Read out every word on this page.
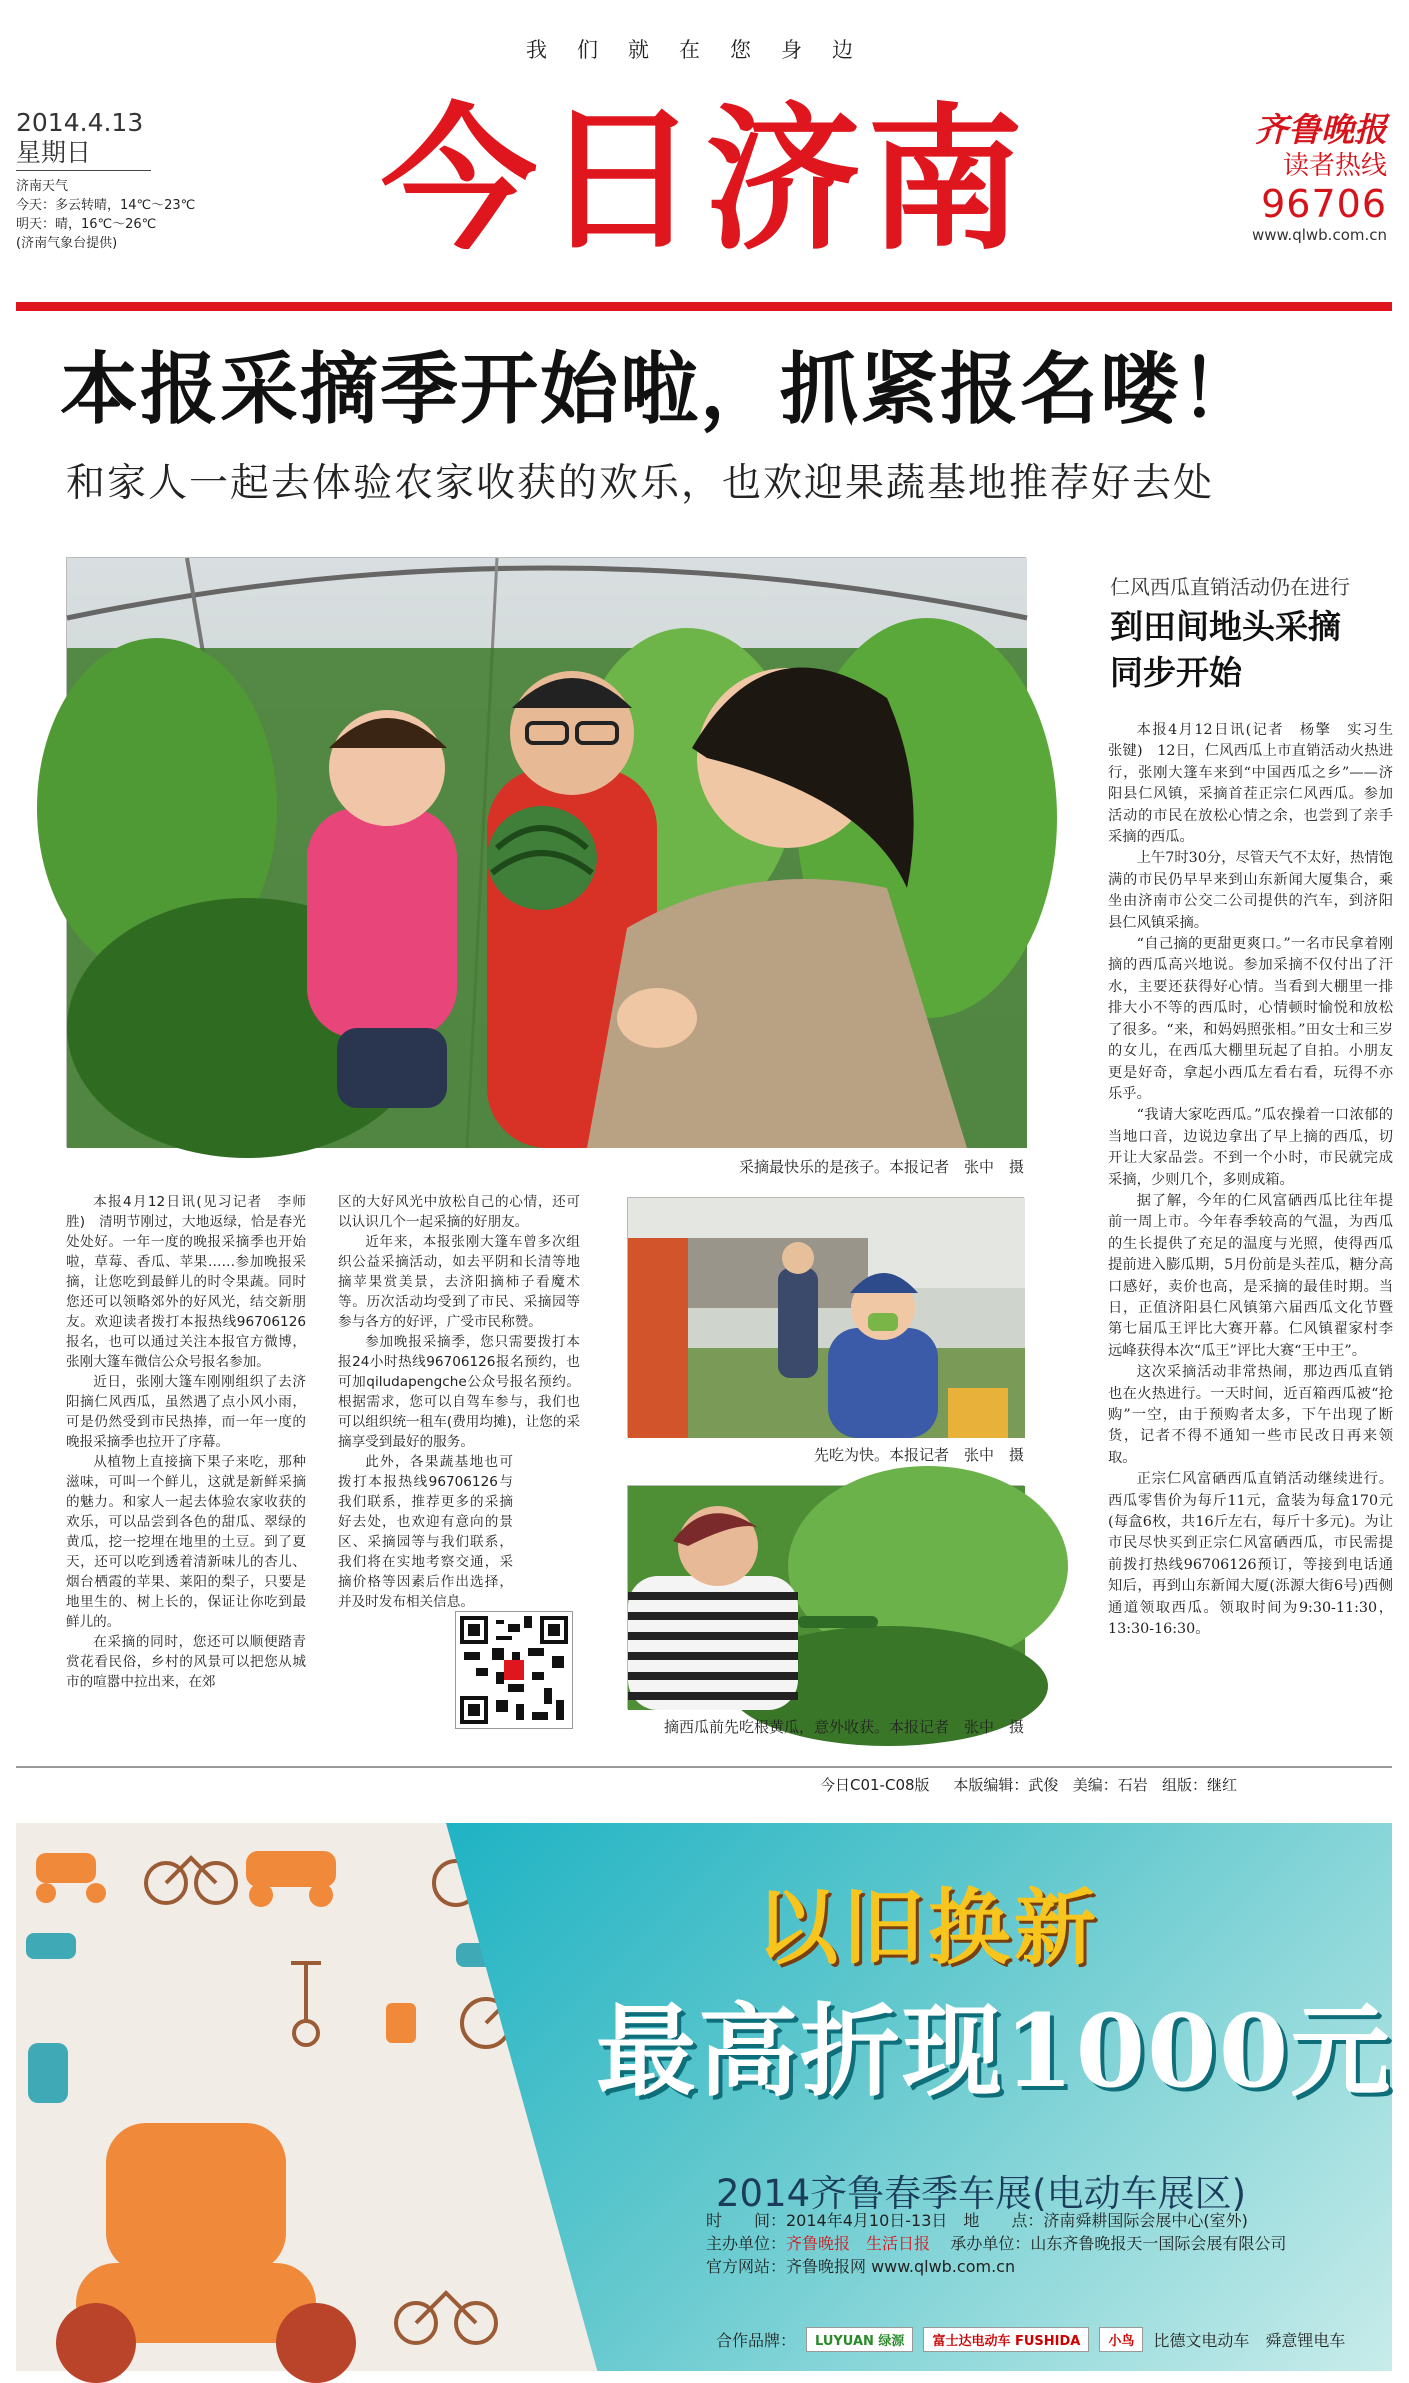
我们就在您身边
2014.4.13
星期日
济南天气
今天：多云转晴，14℃～23℃
明天：晴，16℃～26℃
(济南气象台提供)	今日济南	齐鲁晚报
读者热线
96706
www.qlwb.com.cn
本报采摘季开始啦，抓紧报名喽！
和家人一起去体验农家收获的欢乐，也欢迎果蔬基地推荐好去处
采摘最快乐的是孩子。本报记者　张中　摄

本报4月12日讯(见习记者　李师胜)　清明节刚过，大地返绿，恰是春光处处好。一年一度的晚报采摘季也开始啦，草莓、香瓜、苹果……参加晚报采摘，让您吃到最鲜儿的时令果蔬。同时您还可以领略郊外的好风光，结交新朋友。欢迎读者拨打本报热线96706126报名，也可以通过关注本报官方微博，张刚大篷车微信公众号报名参加。

近日，张刚大篷车刚刚组织了去济阳摘仁风西瓜，虽然遇了点小风小雨，可是仍然受到市民热捧，而一年一度的晚报采摘季也拉开了序幕。

从植物上直接摘下果子来吃，那种滋味，可叫一个鲜儿，这就是新鲜采摘的魅力。和家人一起去体验农家收获的欢乐，可以品尝到各色的甜瓜、翠绿的黄瓜，挖一挖埋在地里的土豆。到了夏天，还可以吃到透着清新味儿的杏儿、烟台栖霞的苹果、莱阳的梨子，只要是地里生的、树上长的，保证让你吃到最鲜儿的。

在采摘的同时，您还可以顺便踏青赏花看民俗，乡村的风景可以把您从城市的喧嚣中拉出来，在郊

区的大好风光中放松自己的心情，还可以认识几个一起采摘的好朋友。

近年来，本报张刚大篷车曾多次组织公益采摘活动，如去平阴和长清等地摘苹果赏美景，去济阳摘柿子看魔术等。历次活动均受到了市民、采摘园等参与各方的好评，广受市民称赞。

参加晚报采摘季，您只需要拨打本报24小时热线96706126报名预约，也可加qiludapengche公众号报名预约。根据需求，您可以自驾车参与，我们也可以组织统一租车(费用均摊)，让您的采摘享受到最好的服务。

此外，各果蔬基地也可拨打本报热线96706126与我们联系，推荐更多的采摘好去处，也欢迎有意向的景区、采摘园等与我们联系，我们将在实地考察交通，采摘价格等因素后作出选择，并及时发布相关信息。

先吃为快。本报记者　张中　摄
摘西瓜前先吃根黄瓜，意外收获。本报记者　张中　摄
仁风西瓜直销活动仍在进行
到田间地头采摘
同步开始

本报4月12日讯(记者　杨擎　实习生　张键)　12日，仁风西瓜上市直销活动火热进行，张刚大篷车来到“中国西瓜之乡”——济阳县仁风镇，采摘首茬正宗仁风西瓜。参加活动的市民在放松心情之余，也尝到了亲手采摘的西瓜。

上午7时30分，尽管天气不太好，热情饱满的市民仍早早来到山东新闻大厦集合，乘坐由济南市公交二公司提供的汽车，到济阳县仁风镇采摘。

“自己摘的更甜更爽口。”一名市民拿着刚摘的西瓜高兴地说。参加采摘不仅付出了汗水，主要还获得好心情。当看到大棚里一排排大小不等的西瓜时，心情顿时愉悦和放松了很多。“来，和妈妈照张相。”田女士和三岁的女儿，在西瓜大棚里玩起了自拍。小朋友更是好奇，拿起小西瓜左看右看，玩得不亦乐乎。

“我请大家吃西瓜。”瓜农操着一口浓郁的当地口音，边说边拿出了早上摘的西瓜，切开让大家品尝。不到一个小时，市民就完成采摘，少则几个，多则成箱。

据了解，今年的仁风富硒西瓜比往年提前一周上市。今年春季较高的气温，为西瓜的生长提供了充足的温度与光照，使得西瓜提前进入膨瓜期，5月份前是头茬瓜，糖分高口感好，卖价也高，是采摘的最佳时期。当日，正值济阳县仁风镇第六届西瓜文化节暨第七届瓜王评比大赛开幕。仁风镇翟家村李远峰获得本次“瓜王”评比大赛“王中王”。

这次采摘活动非常热闹，那边西瓜直销也在火热进行。一天时间，近百箱西瓜被“抢购”一空，由于预购者太多，下午出现了断货，记者不得不通知一些市民改日再来领取。

正宗仁风富硒西瓜直销活动继续进行。西瓜零售价为每斤11元，盒装为每盒170元(每盒6枚，共16斤左右，每斤十多元)。为让市民尽快买到正宗仁风富硒西瓜，市民需提前拨打热线96706126预订，等接到电话通知后，再到山东新闻大厦(泺源大街6号)西侧通道领取西瓜。领取时间为9:30-11:30，13:30-16:30。

今日C01-C08版 本版编辑：武俊 美编：石岩 组版：继红
以旧换新
最高折现1000元
2014齐鲁春季车展(电动车展区)
时　　间：2014年4月10日-13日　地　　点：济南舜耕国际会展中心(室外)
主办单位：齐鲁晚报　生活日报 承办单位：山东齐鲁晚报天一国际会展有限公司
官方网站：齐鲁晚报网 www.qlwb.com.cn
合作品牌：	LUYUAN 绿源	富士达电动车 FUSHIDA	小鸟	比德文电动车　舜意锂电车
